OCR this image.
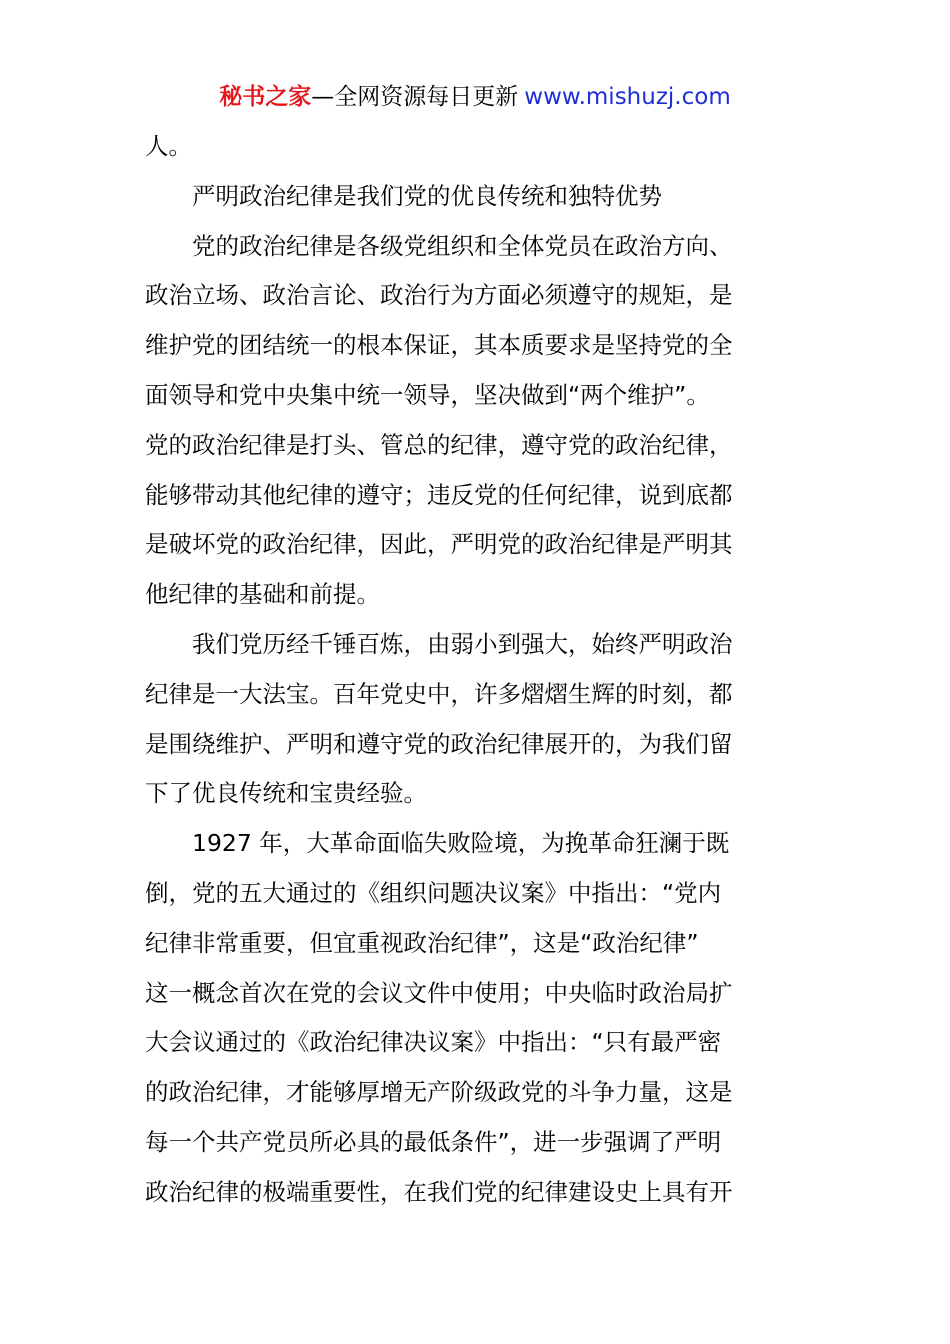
秘书之家—全网资源每日更新 www.mishuzj.com

人。

严明政治纪律是我们党的优良传统和独特优势

党的政治纪律是各级党组织和全体党员在政治方向、
政治立场、政治言论、政治行为方面必须遵守的规矩，是
维护党的团结统一的根本保证，其本质要求是坚持党的全
面领导和党中央集中统一领导，坚决做到“两个维护”。
党的政治纪律是打头、管总的纪律，遵守党的政治纪律，
能够带动其他纪律的遵守；违反党的任何纪律，说到底都
是破坏党的政治纪律，因此，严明党的政治纪律是严明其
他纪律的基础和前提。

我们党历经千锤百炼，由弱小到强大，始终严明政治
纪律是一大法宝。百年党史中，许多熠熠生辉的时刻，都
是围绕维护、严明和遵守党的政治纪律展开的，为我们留
下了优良传统和宝贵经验。

1927 年，大革命面临失败险境，为挽革命狂澜于既
倒，党的五大通过的《组织问题决议案》中指出：“党内
纪律非常重要，但宜重视政治纪律”，这是“政治纪律”
这一概念首次在党的会议文件中使用；中央临时政治局扩
大会议通过的《政治纪律决议案》中指出：“只有最严密
的政治纪律，才能够厚增无产阶级政党的斗争力量，这是
每一个共产党员所必具的最低条件”，进一步强调了严明
政治纪律的极端重要性，在我们党的纪律建设史上具有开
